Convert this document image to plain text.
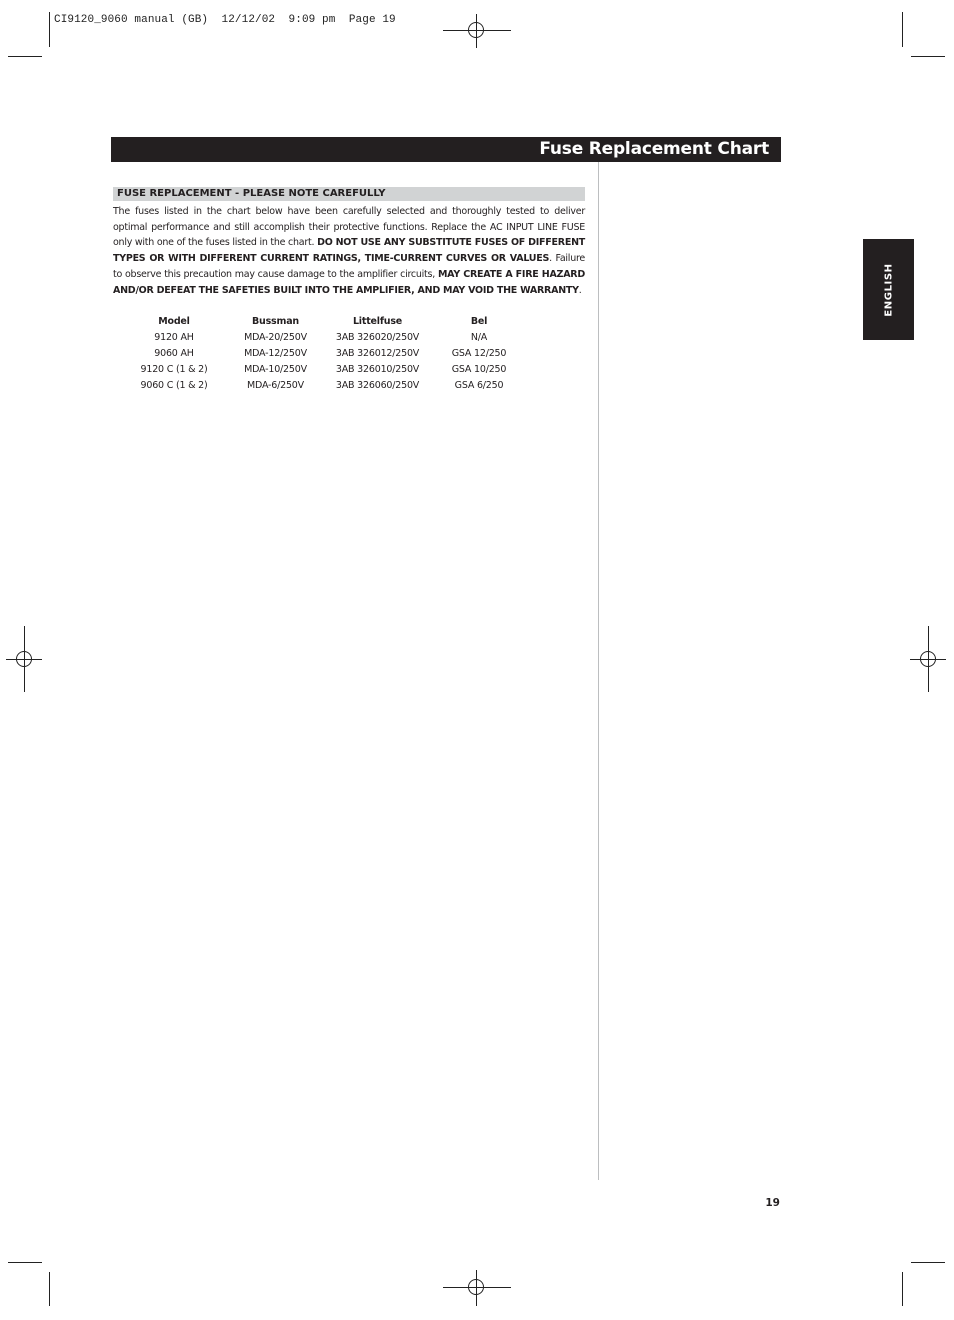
CI9120_9060 manual (GB)  12/12/02  9:09 pm  Page 19
Fuse Replacement Chart
FUSE REPLACEMENT - PLEASE NOTE CAREFULLY
The fuses listed in the chart below have been carefully selected and thoroughly tested to deliver optimal performance and still accomplish their protective functions. Replace the AC INPUT LINE FUSE only with one of the fuses listed in the chart. DO NOT USE ANY SUBSTITUTE FUSES OF DIFFERENT TYPES OR WITH DIFFERENT CURRENT RATINGS, TIME-CURRENT CURVES OR VALUES. Failure to observe this precaution may cause damage to the amplifier circuits, MAY CREATE A FIRE HAZARD AND/OR DEFEAT THE SAFETIES BUILT INTO THE AMPLIFIER, AND MAY VOID THE WARRANTY.
Model	Bussman	Littelfuse	Bel
9120 AH	MDA-20/250V	3AB 326020/250V	N/A
9060 AH	MDA-12/250V	3AB 326012/250V	GSA 12/250
9120 C (1 & 2)	MDA-10/250V	3AB 326010/250V	GSA 10/250
9060 C (1 & 2)	MDA-6/250V	3AB 326060/250V	GSA 6/250
ENGLISH
19
